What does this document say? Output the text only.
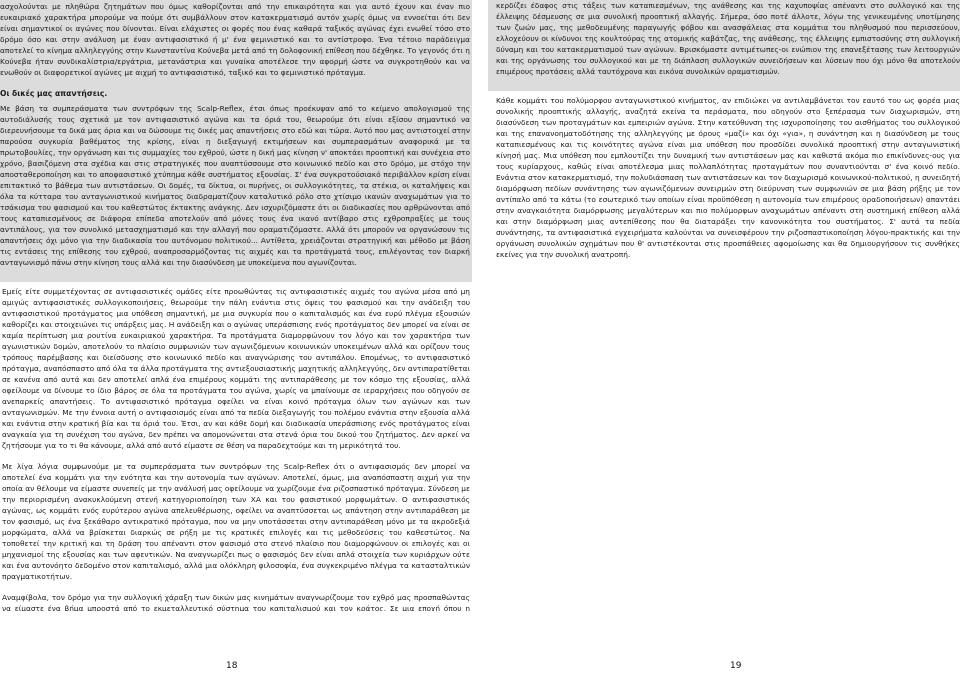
ασχολούνται με πληθώρα ζητημάτων που όμως καθορίζονται από την επικαιρότητα και για αυτό έχουν και έναν πιο ευκαιριακό χαρακτήρα μπορούμε να πούμε ότι συμβάλλουν στον κατακερματισμό αυτόν χωρίς όμως να εννοείται ότι δεν είναι σημαντικοί οι αγώνες που δίνονται. Είναι ελάχιστες οι φορές που ένας καθαρά ταξικός αγώνας έχει ενωθεί τόσο στο δρόμο όσο και στην ανάλυση με έναν αντιφασιστικό ή μ' ένα φεμινιστικό και το αντίστροφο. Ένα τέτοιο παράδειγμα αποτελεί το κίνημα αλληλεγγύης στην Κωνσταντίνα Κούνεβα μετά από τη δολοφονική επίθεση που δέχθηκε. Το γεγονός ότι η Κούνεβα ήταν συνδικαλίστρια/εργάτρια, μετανάστρια και γυναίκα αποτέλεσε την αφορμή ώστε να συγκροτηθούν και να ενωθούν οι διαφορετικοί αγώνες με αιχμή το αντιφασιστικό, ταξικό και το φεμινιστικό πρόταγμα.

Οι δικές μας απαντήσεις.

Με βάση τα συμπεράσματα των συντρόφων της Scalp-Reflex, έτσι όπως προέκυψαν από το κείμενο απολογισμού της αυτοδιάλυσής τους σχετικά με τον αντιφασιστικό αγώνα και τα όριά του, θεωρούμε ότι είναι εξίσου σημαντικό να διερευνήσουμε τα δικά μας όρια και να δώσουμε τις δικές μας απαντήσεις στο εδώ και τώρα. Αυτό που μας αντιστοιχεί στην παρούσα συγκυρία βαθέματος της κρίσης, είναι η διεξαγωγή εκτιμήσεων και συμπερασμάτων αναφορικά με τα πρωτοβουλίες, την οργάνωση και τις συμμαχίες του εχθρού, ώστε η δική μας κίνηση ν' αποκτάει προοπτική και συνέχεια στο χρόνο, βασιζόμενη στα σχέδια και στις στρατηγικές που αναπτύσσουμε στο κοινωνικό πεδίο και στο δρόμο, με στόχο την αποσταθεροποίηση και το αποφασιστικό χτύπημα κάθε συστήματος εξουσίας. Σ' ένα συγκροτούσιακό περιβάλλον κρίση είναι επιτακτικό το βάθεμα των αντιστάσεων. Οι δομές, τα δίκτυα, οι πυρήνες, οι συλλογικότητες, τα στέκια, οι καταλήψεις και όλα τα κύτταρα του ανταγωνιστικού κινήματος διαδραματίζουν καταλυτικό ρόλο στο χτίσιμο ικανών αναχωμάτων για το τσάκισμα του φασισμού και του καθεστώτος έκτακτης ανάγκης. Δεν ισχυριζόμαστε ότι οι διαδικασίες που αρθρώνονται από τους καταπιεσμένους σε διάφορα επίπεδα αποτελούν από μόνες τους ένα ικανό αντίβαρο στις εχθροπραξίες με τους αντιπάλους, για τον συνολικό μετασχηματισμό και την αλλαγή που οραματιζόμαστε. Αλλά ότι μπορούν να οργανώσουν τις απαντήσεις όχι μόνο για την διαδικασία του αυτόνομου πολιτικού... Αντίθετα, χρειάζονται στρατηγική και μέθοδο με βάση τις εντάσεις της επίθεσης του εχθρού, αναπροσαρμόζοντας τις αιχμές και τα προτάγματά τους, επιλέγοντας τον διαρκή ανταγωνισμό πάνω στην κίνηση τους αλλά και την διασύνδεση με υποκείμενα που αγωνίζονται.

Εμείς είτε συμμετέχοντας σε αντιφασιστικές ομάδες είτε προωθώντας τις αντιφασιστικές αιχμές του αγώνα μέσα από μη αμιγώς αντιφασιστικές συλλογικοποιήσεις, θεωρούμε την πάλη ενάντια στις όψεις του φασισμού και την ανάδειξη του αντιφασιστικού προτάγματος μια υπόθεση σημαντική, με μια συγκυρία που ο καπιταλισμός και ένα ευρύ πλέγμα εξουσιών καθορίζει και στοιχειώνει τις υπάρξεις μας. Η ανάδειξη και ο αγώνας υπεράσπισης ενός προτάγματος δεν μπορεί να είναι σε καμία περίπτωση μια ρουτίνα ευκαιριακού χαρακτήρα. Τα προτάγματα διαμορφώνουν τον λόγο και τον χαρακτήρα των αγωνιστικών δομών, αποτελούν το πλαίσιο συμφωνιών των αγωνιζόμενων κοινωνικών υποκειμένων αλλά και ορίζουν τους τρόπους παρέμβασης και διείσδυσης στο κοινωνικό πεδίο και αναγνώρισης του αντιπάλου. Επομένως, το αντιφασιστικό πρόταγμα, αναπόσπαστο από όλα τα άλλα προτάγματα της αντιεξουσιαστικής μαχητικής αλληλεγγύης, δεν αντιπαρατίθεται σε κανένα από αυτά και δεν αποτελεί απλά ένα επιμέρους κομμάτι της αντιπαράθεσης με τον κόσμο της εξουσίας, αλλά οφείλουμε να δίνουμε το ίδιο βάρος σε όλα τα προτάγματα του αγώνα, χωρίς να μπαίνουμε σε ιεραρχήσεις που οδηγούν σε ανεπαρκείς απαντήσεις. Το αντιφασιστικό πρόταγμα οφείλει να είναι κοινό πρόταγμα όλων των αγώνων και των ανταγωνισμών. Με την έννοια αυτή ο αντιφασισμός είναι από τα πεδία διεξαγωγής του πολέμου ενάντια στην εξουσία αλλά και ενάντια στην κρατική βία και τα όριά του. Έτσι, αν και κάθε δομή και διαδικασία υπεράσπισης ενός προτάγματος είναι αναγκαία για τη συνέχιση του αγώνα, δεν πρέπει να απομονώνεται στα στενά όρια του δικού του ζητήματος. Δεν αρκεί να ζητήσουμε για το τι θα κάνουμε, αλλά από αυτό είμαστε σε θέση να παραδεχτούμε και τη μερικότητά του.

Με λίγα λόγια συμφωνούμε με τα συμπεράσματα των συντρόφων της Scalp-Reflex ότι ο αντιφασισμός δεν μπορεί να αποτελεί ένα κομμάτι για την ενότητα και την αυτονομία των αγώνων. Αποτελεί, όμως, μια αναπόσπαστη αιχμή για την οποία αν θέλουμε να είμαστε συνεπείς με την ανάλυσή μας οφείλουμε να χωρίζουμε ένα ριζοσπαστικό πρόταγμα. Σύνδεση με την περιορισμένη ανακυκλούμενη στενή κατηγοριοποίηση των ΧΑ και του φασιστικού μορφωμάτων. Ο αντιφασιστικός αγώνας, ως κομμάτι ενός ευρύτερου αγώνα απελευθέρωσης, οφείλει να αναπτύσσεται ως απάντηση στην αντιπαράθεση με τον φασισμό, ως ένα ξεκάθαρο αντικρατικό πρόταγμα, που να μην υποτάσσεται στην αντιπαράθεση μόνο με τα ακροδεξιά μορφώματα, αλλά να βρίσκεται διαρκώς σε ρήξη με τις κρατικές επιλογές και τις μεθοδεύσεις του καθεστώτος. Να τοποθετεί την κριτική και τη δράση του απέναντι στον φασισμό στο στενό πλαίσιο που διαμορφώνουν οι επιλογές και οι μηχανισμοί της εξουσίας και των αφεντικών. Να αναγνωρίζει πως ο φασισμός δεν είναι απλά στοιχεία των κυριάρχων ούτε και ένα αυτονόητο δεδομένο στον καπιταλισμό, αλλά μια ολόκληρη φιλοσοφία, ένα συγκεκριμένο πλέγμα τα κατασταλτικών πραγματικοτήτων.

Αναμφίβολα, τον δρόμο για την συλλογική χάραξη των δικών μας κινημάτων αναγνωρίζουμε τον εχθρό μας προσπαθώντας να είμαστε ένα βήμα μπροστά από το εκμεταλλευτικό σύστημα του καπιταλισμού και τον κράτος. Σε μια εποχή όπου η

18

κερδίζει έδαφος στις τάξεις των καταπιεσμένων, της ανάθεσης και της καχυποψίας απέναντι στο συλλογικό και της έλλειψης δέσμευσης σε μια συνολική προοπτική αλλαγής. Σήμερα, όσο ποτέ άλλοτε, λόγω της γενικευμένης υποτίμησης των ζωών μας, της μεθοδευμένης παραγωγής φόβου και ανασφάλειας στα κομμάτια του πληθυσμού που περισσεύουν, ελλοχεύουν οι κίνδυνοι της κουλτούρας της ατομικής καβάτζας, της ανάθεσης, της έλλειψης εμπιστοσύνης στη συλλογική δύναμη και του κατακερματισμού των αγώνων. Βρισκόμαστε αντιμέτωπες-οι ενώπιον της επανεξέτασης των λειτουργιών και της οργάνωσης του συλλογικού και με τη διάπλαση συλλογικών συνειδήσεων και λύσεων που όχι μόνο θα αποτελούν επιμέρους προτάσεις αλλά ταυτόχρονα και εικόνα συνολικών οραματισμών.

Κάθε κομμάτι του πολύμορφου ανταγωνιστικού κινήματος, αν επιδιώκει να αντιλαμβάνεται τον εαυτό του ως φορέα μιας συνολικής προοπτικής αλλαγής, αναζητά εκείνα τα περάσματα, που οδηγούν στο ξεπέρασμα των διαχωρισμών, στη διασύνδεση των προταγμάτων και εμπειριών αγώνα. Στην κατεύθυνση της ισχυροποίησης του αισθήματος του συλλογικού και της επανανοηματοδότησης της αλληλεγγύης με όρους «μαζί» και όχι «για», η συνάντηση και η διασύνδεση με τους καταπιεσμένους και τις κοινότητες αγώνα είναι μια υπόθεση που προσδίδει συνολικά προοπτική στην ανταγωνιστική κίνησή μας. Μια υπόθεση που εμπλουτίζει την δυναμική των αντιστάσεων μας και καθιστά ακόμα πιο επικίνδυνες-ους για τους κυρίαρχους, καθώς είναι αποτέλεσμα μιας πολλαπλότητας προταγμάτων που συναντιούνται σ' ένα κοινό πεδίο. Ενάντια στον κατακερματισμό, την πολυδιάσπαση των αντιστάσεων και τον διαχωρισμό κοινωνικού-πολιτικού, η συνειδητή διαμόρφωση πεδίων συνάντησης των αγωνιζόμενων συνειρμών στη διεύρυνση των συμφωνιών σε μια βάση ρήξης με τον αντίπαλο από τα κάτω (το εσωτερικό των οποίων είναι προϋπόθεση η αυτονομία των επιμέρους οραδοποιήσεων) απαντάει στην αναγκαιότητα διαμόρφωσης μεγαλύτερων και πιο πολύμορφων αναχωμάτων απέναντι στη συστημική επίθεση αλλά και στην διαμόρφωση μιας αντεπίθεσης που θα διαταράξει την κανονικότητα του συστήματος. Σ' αυτά τα πεδία συνάντησης, τα αντιφασιστικά εγχειρήματα καλούνται να συνεισφέρουν την ριζοσπαστικοποίηση λόγου-πρακτικής και την οργάνωση συνολικών σχημάτων που θ' αντιστέκονται στις προσπάθειες αφομοίωσης και θα δημιουργήσουν τις συνθήκες εκείνες για την συνολική ανατροπή.

19
